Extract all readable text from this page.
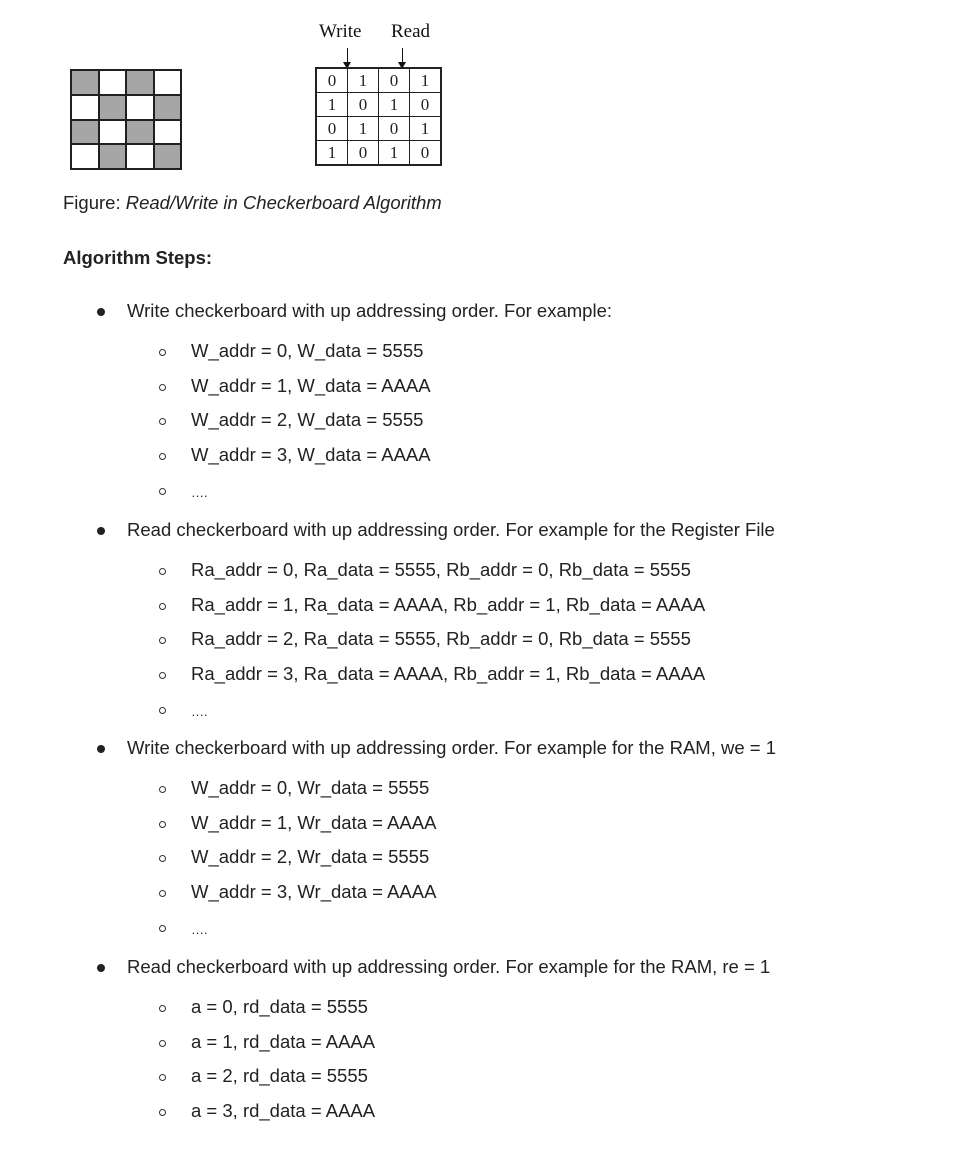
Write Read
0	1	0	1
1	0	1	0
0	1	0	1
1	0	1	0
Figure: Read/Write in Checkerboard Algorithm
Algorithm Steps:
Write checkerboard with up addressing order. For example:
W_addr = 0, W_data = 5555
W_addr = 1, W_data = AAAA
W_addr = 2, W_data = 5555
W_addr = 3, W_data = AAAA
….
Read checkerboard with up addressing order. For example for the Register File
Ra_addr = 0, Ra_data = 5555, Rb_addr = 0, Rb_data = 5555
Ra_addr = 1, Ra_data = AAAA, Rb_addr = 1, Rb_data = AAAA
Ra_addr = 2, Ra_data = 5555, Rb_addr = 0, Rb_data = 5555
Ra_addr = 3, Ra_data = AAAA, Rb_addr = 1, Rb_data = AAAA
….
Write checkerboard with up addressing order. For example for the RAM, we = 1
W_addr = 0, Wr_data = 5555
W_addr = 1, Wr_data = AAAA
W_addr = 2, Wr_data = 5555
W_addr = 3, Wr_data = AAAA
….
Read checkerboard with up addressing order. For example for the RAM, re = 1
a = 0, rd_data = 5555
a = 1, rd_data = AAAA
a = 2, rd_data = 5555
a = 3, rd_data = AAAA
